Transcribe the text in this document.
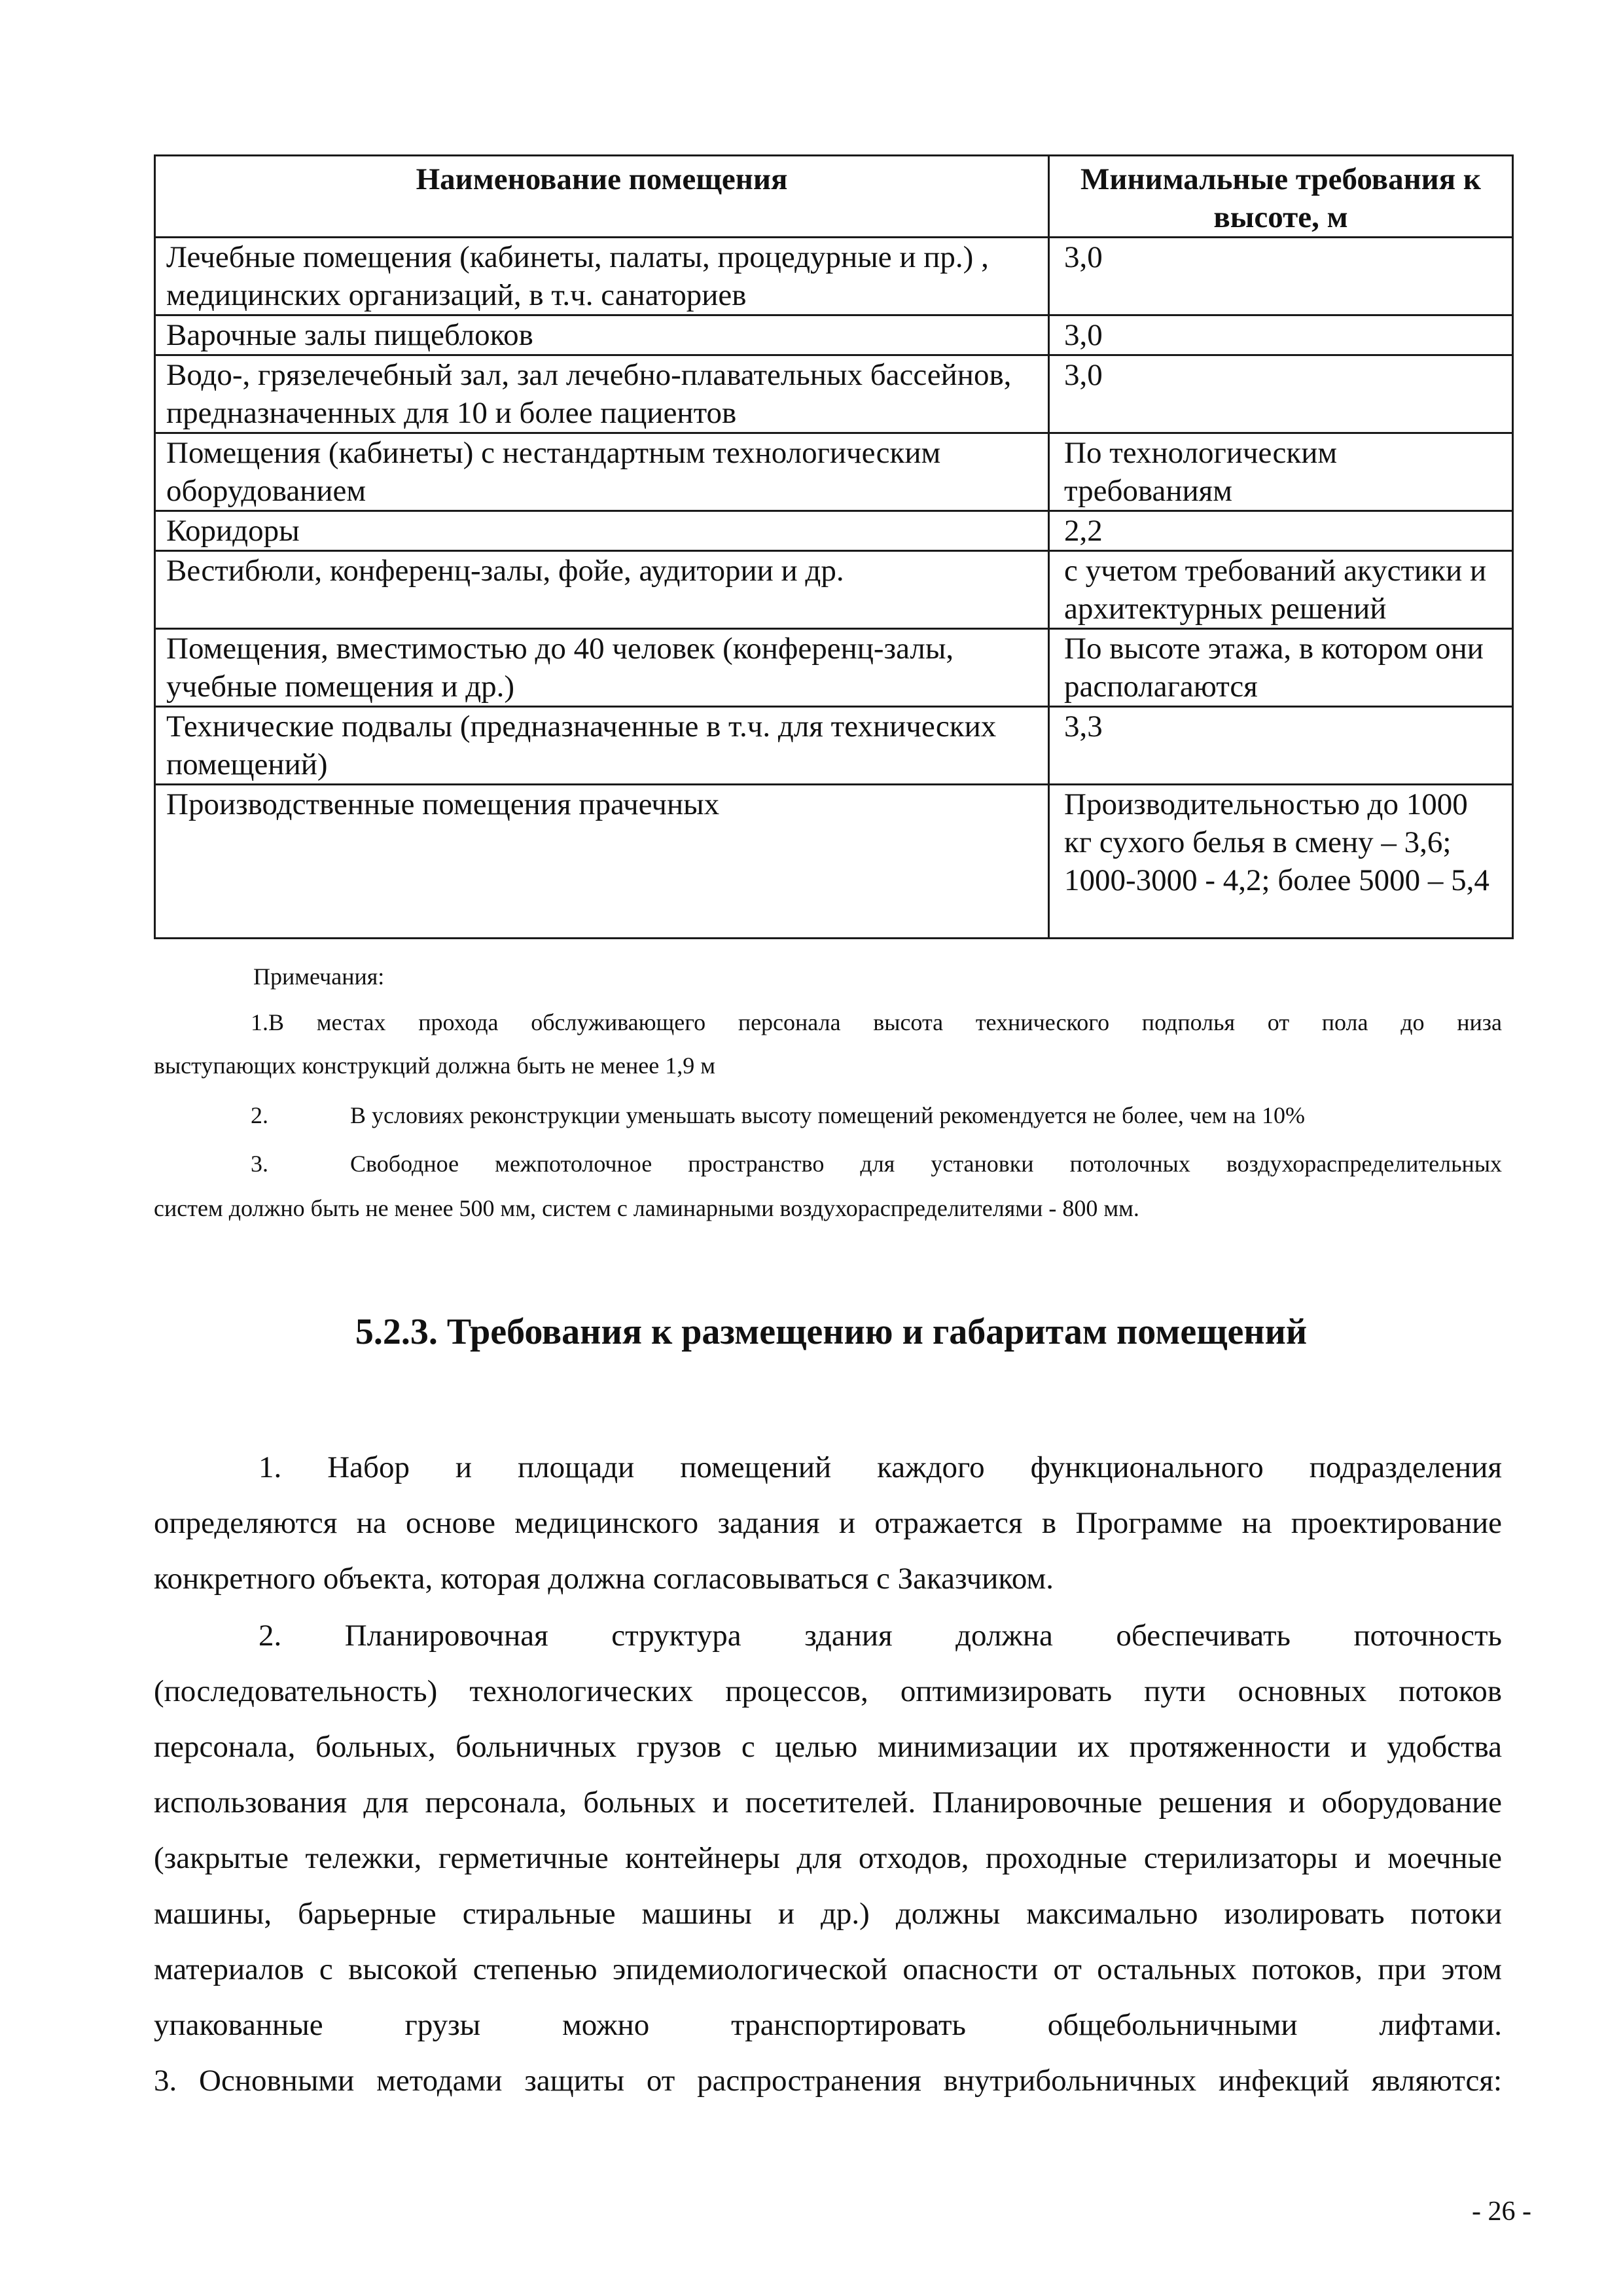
Наименование помещения	Минимальные требования к высоте, м
Лечебные помещения (кабинеты, палаты, процедурные и пр.) , медицинских организаций, в т.ч. санаториев	3,0
Варочные залы пищеблоков	3,0
Водо-, грязелечебный зал, зал лечебно-плавательных бассейнов, предназначенных для 10 и более пациентов	3,0
Помещения (кабинеты) с нестандартным технологическим оборудованием	По технологическим требованиям
Коридоры	2,2
Вестибюли, конференц-залы, фойе, аудитории и др.	с учетом требований акустики и архитектурных решений
Помещения, вместимостью до 40 человек (конференц-залы, учебные помещения и др.)	По высоте этажа, в котором они располагаются
Технические подвалы (предназначенные в т.ч. для технических помещений)	3,3
Производственные помещения прачечных	Производительностью до 1000 кг сухого белья в смену – 3,6; 1000-3000 - 4,2; более 5000 – 5,4
Примечания:
1.В местах прохода обслуживающего персонала высота технического подполья от пола до низа
выступающих конструкций должна быть не менее 1,9 м
2.	В условиях реконструкции уменьшать высоту помещений рекомендуется не более, чем на 10%
3.	Свободное межпотолочное пространство для установки потолочных воздухораспределительных
систем должно быть не менее 500 мм, систем с ламинарными воздухораспределителями - 800 мм.
5.2.3. Требования к размещению и габаритам помещений
1. Набор и площади помещений каждого функционального подразделения
определяются на основе медицинского задания и отражается в Программе на проектирование
конкретного объекта, которая должна согласовываться с Заказчиком.
2. Планировочная структура здания должна обеспечивать поточность
(последовательность) технологических процессов, оптимизировать пути основных потоков
персонала, больных, больничных грузов с целью минимизации их протяженности и удобства
использования для персонала, больных и посетителей. Планировочные решения и оборудование
(закрытые тележки, герметичные контейнеры для отходов, проходные стерилизаторы и моечные
машины, барьерные стиральные машины и др.) должны максимально изолировать потоки
материалов с высокой степенью эпидемиологической опасности от остальных потоков, при этом
упакованные грузы можно транспортировать общебольничными лифтами.
3. Основными методами защиты от распространения внутрибольничных инфекций являются:
- 26 -
